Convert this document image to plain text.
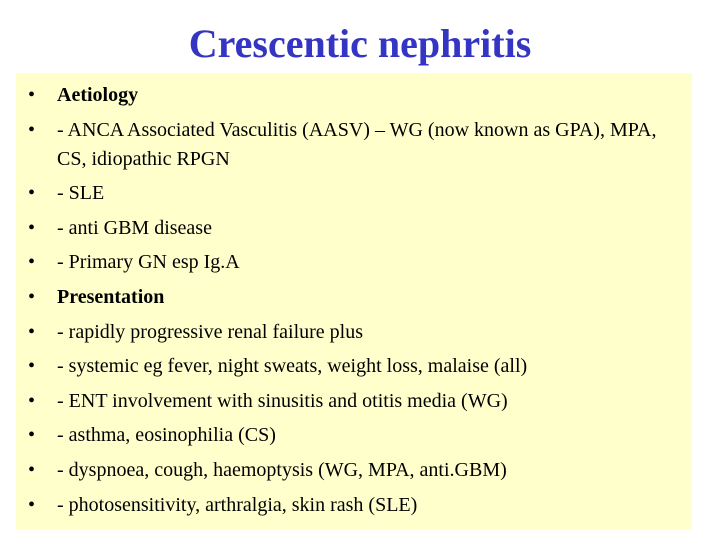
Crescentic nephritis
• Aetiology
• - ANCA Associated Vasculitis (AASV) – WG (now known as GPA), MPA, CS, idiopathic RPGN
• - SLE
• - anti GBM disease
• - Primary GN esp Ig.A
• Presentation
• - rapidly progressive renal failure plus
• - systemic eg fever, night sweats, weight loss, malaise (all)
• - ENT involvement with sinusitis and otitis media (WG)
• - asthma, eosinophilia (CS)
• - dyspnoea, cough, haemoptysis (WG, MPA, anti.GBM)
• - photosensitivity, arthralgia, skin rash (SLE)
